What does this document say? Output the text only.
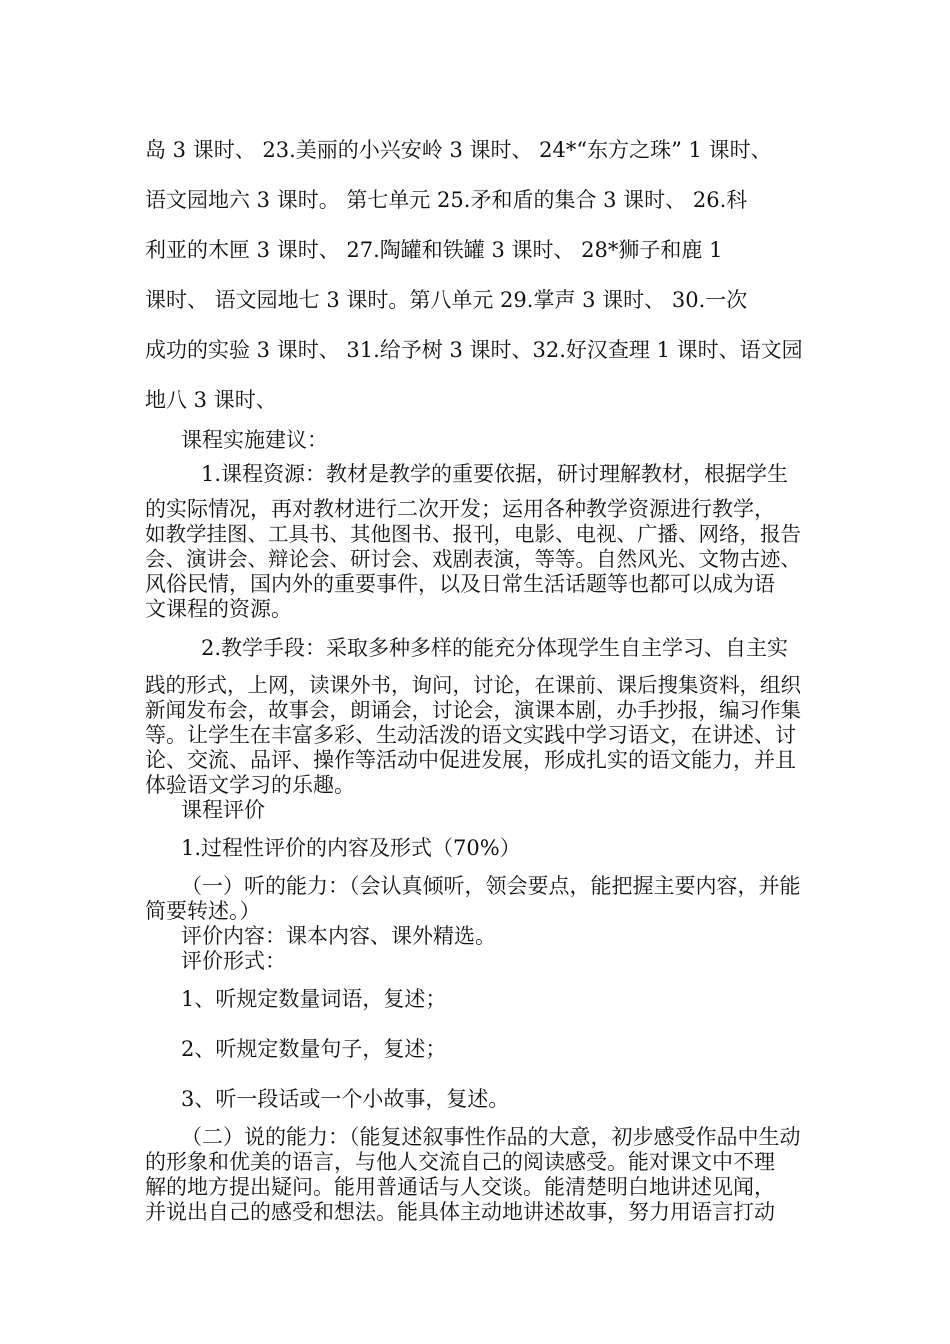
岛 3 课时、 23.美丽的小兴安岭 3 课时、 24*“东方之珠” 1 课时、
语文园地六 3 课时。 第七单元 25.矛和盾的集合 3 课时、 26.科
利亚的木匣 3 课时、 27.陶罐和铁罐 3 课时、 28*狮子和鹿 1
课时、 语文园地七 3 课时。第八单元 29.掌声 3 课时、 30.一次
成功的实验 3 课时、 31.给予树 3 课时、32.好汉查理 1 课时、语文园
地八 3 课时、
课程实施建议：
1.课程资源：教材是教学的重要依据，研讨理解教材，根据学生
的实际情况，再对教材进行二次开发；运用各种教学资源进行教学，
如教学挂图、工具书、其他图书、报刊，电影、电视、广播、网络，报告
会、演讲会、辩论会、研讨会、戏剧表演，等等。自然风光、文物古迹、
风俗民情，国内外的重要事件，以及日常生活话题等也都可以成为语
文课程的资源。
2.教学手段：采取多种多样的能充分体现学生自主学习、自主实
践的形式，上网，读课外书，询问，讨论，在课前、课后搜集资料，组织
新闻发布会，故事会，朗诵会，讨论会，演课本剧，办手抄报，编习作集
等。让学生在丰富多彩、生动活泼的语文实践中学习语文，在讲述、讨
论、交流、品评、操作等活动中促进发展，形成扎实的语文能力，并且
体验语文学习的乐趣。
课程评价
1.过程性评价的内容及形式（70%）
（一）听的能力：（会认真倾听，领会要点，能把握主要内容，并能
简要转述。）
评价内容：课本内容、课外精选。
评价形式：
1、听规定数量词语，复述；
2、听规定数量句子，复述；
3、听一段话或一个小故事，复述。
（二）说的能力：（能复述叙事性作品的大意，初步感受作品中生动
的形象和优美的语言，与他人交流自己的阅读感受。能对课文中不理
解的地方提出疑问。能用普通话与人交谈。能清楚明白地讲述见闻，
并说出自己的感受和想法。能具体主动地讲述故事，努力用语言打动
